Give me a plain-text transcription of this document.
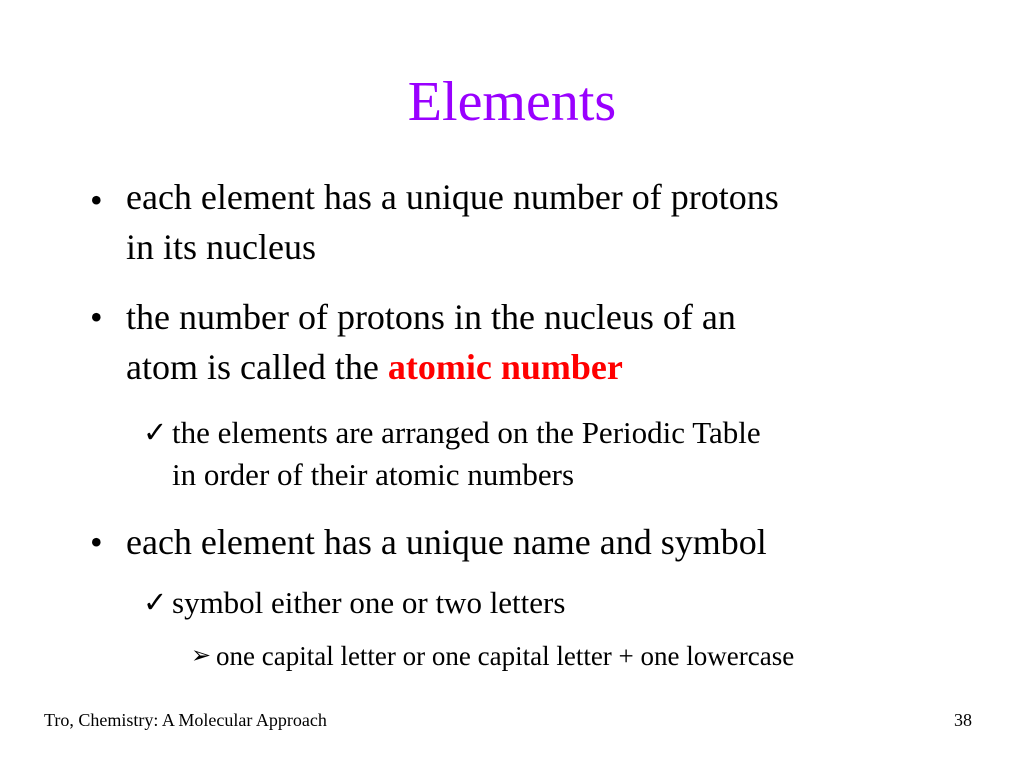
Elements
• each element has a unique number of protons
in its nucleus
• the number of protons in the nucleus of an
atom is called the atomic number
✓ the elements are arranged on the Periodic Table
in order of their atomic numbers
• each element has a unique name and symbol
✓ symbol either one or two letters
➢ one capital letter or one capital letter + one lowercase
Tro, Chemistry: A Molecular Approach	38
